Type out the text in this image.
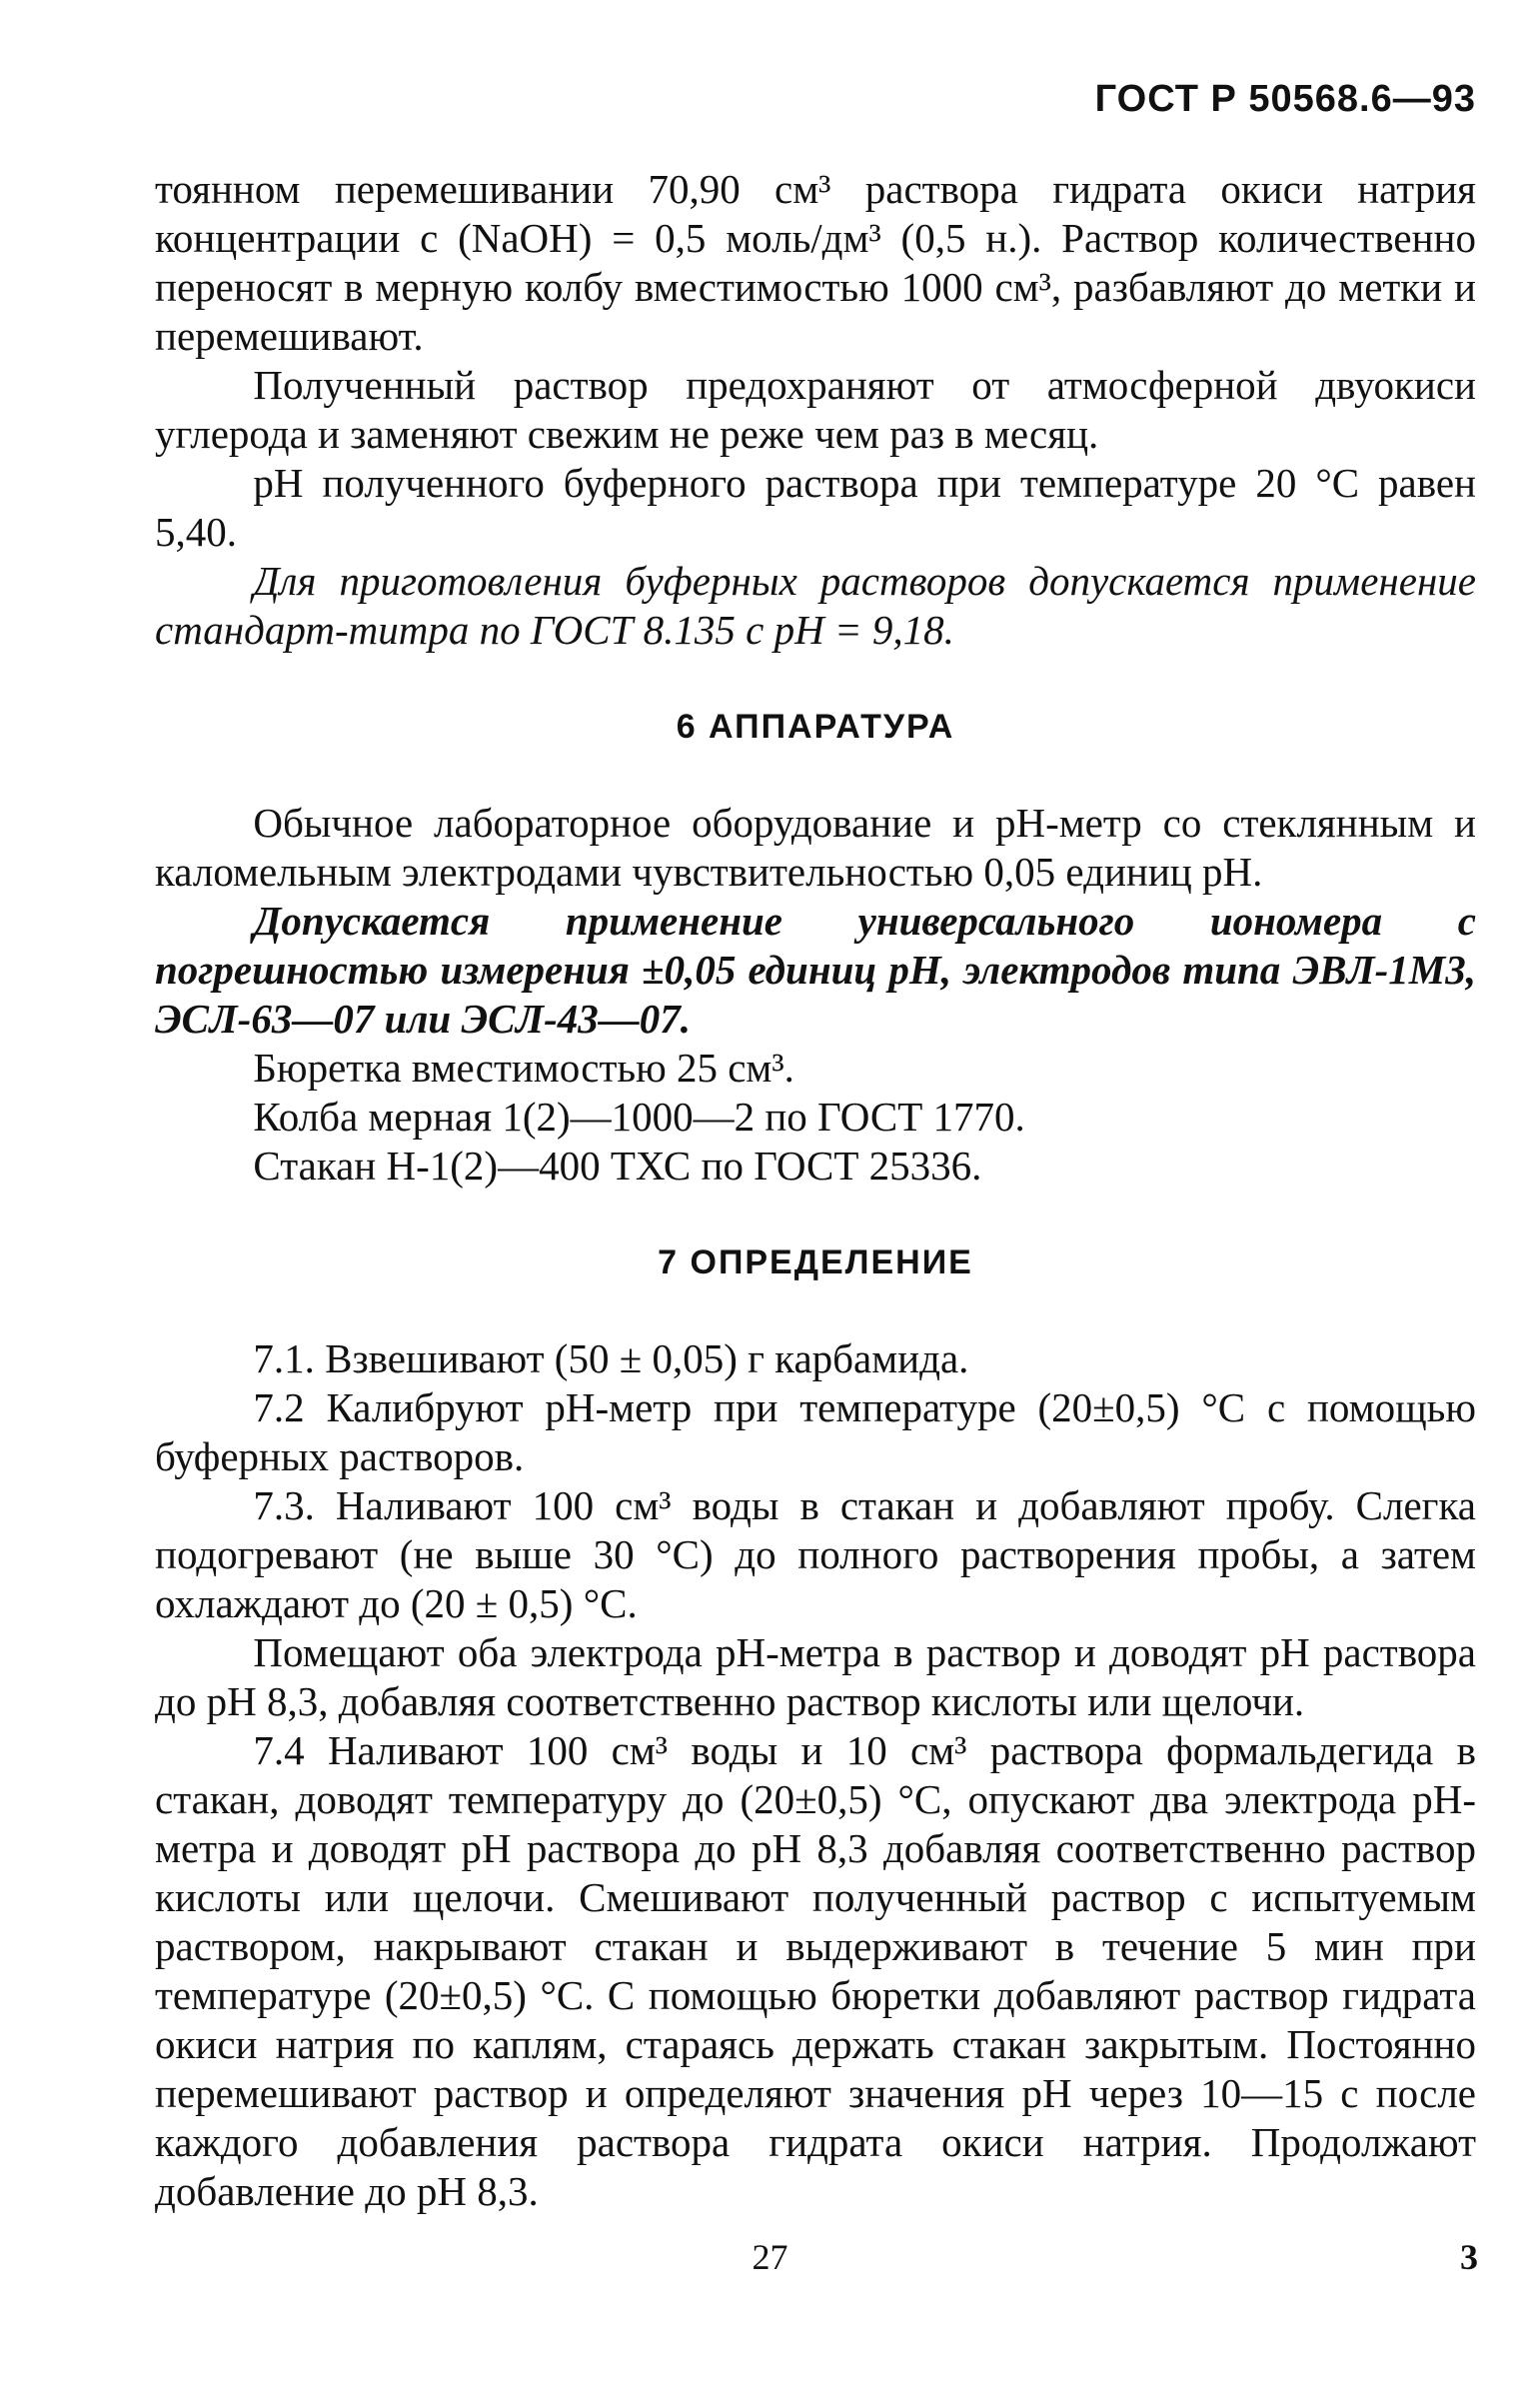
ГОСТ Р 50568.6—93

тоянном перемешивании 70,90 см³ раствора гидрата окиси натрия концентрации с (NaOH) = 0,5 моль/дм³ (0,5 н.). Раствор количественно переносят в мерную колбу вместимостью 1000 см³, разбавляют до метки и перемешивают.

Полученный раствор предохраняют от атмосферной двуокиси углерода и заменяют свежим не реже чем раз в месяц.

pH полученного буферного раствора при температуре 20 °С равен 5,40.

Для приготовления буферных растворов допускается применение стандарт-титра по ГОСТ 8.135 с pH = 9,18.

6 АППАРАТУРА

Обычное лабораторное оборудование и pH-метр со стеклянным и каломельным электродами чувствительностью 0,05 единиц pH.

Допускается применение универсального иономера с погрешностью измерения ±0,05 единиц pH, электродов типа ЭВЛ-1М3, ЭСЛ-63—07 или ЭСЛ-43—07.

Бюретка вместимостью 25 см³.

Колба мерная 1(2)—1000—2 по ГОСТ 1770.

Стакан Н-1(2)—400 ТХС по ГОСТ 25336.

7 ОПРЕДЕЛЕНИЕ

7.1. Взвешивают (50 ± 0,05) г карбамида.

7.2 Калибруют pH-метр при температуре (20±0,5) °С с помощью буферных растворов.

7.3. Наливают 100 см³ воды в стакан и добавляют пробу. Слегка подогревают (не выше 30 °С) до полного растворения пробы, а затем охлаждают до (20 ± 0,5) °С.

Помещают оба электрода pH-метра в раствор и доводят pH раствора до pH 8,3, добавляя соответственно раствор кислоты или щелочи.

7.4 Наливают 100 см³ воды и 10 см³ раствора формальдегида в стакан, доводят температуру до (20±0,5) °С, опускают два электрода pH-метра и доводят pH раствора до pH 8,3 добавляя соответственно раствор кислоты или щелочи. Смешивают полученный раствор с испытуемым раствором, накрывают стакан и выдерживают в течение 5 мин при температуре (20±0,5) °С. С помощью бюретки добавляют раствор гидрата окиси натрия по каплям, стараясь держать стакан закрытым. Постоянно перемешивают раствор и определяют значения pH через 10—15 с после каждого добавления раствора гидрата окиси натрия. Продолжают добавление до pH 8,3.

27	3
